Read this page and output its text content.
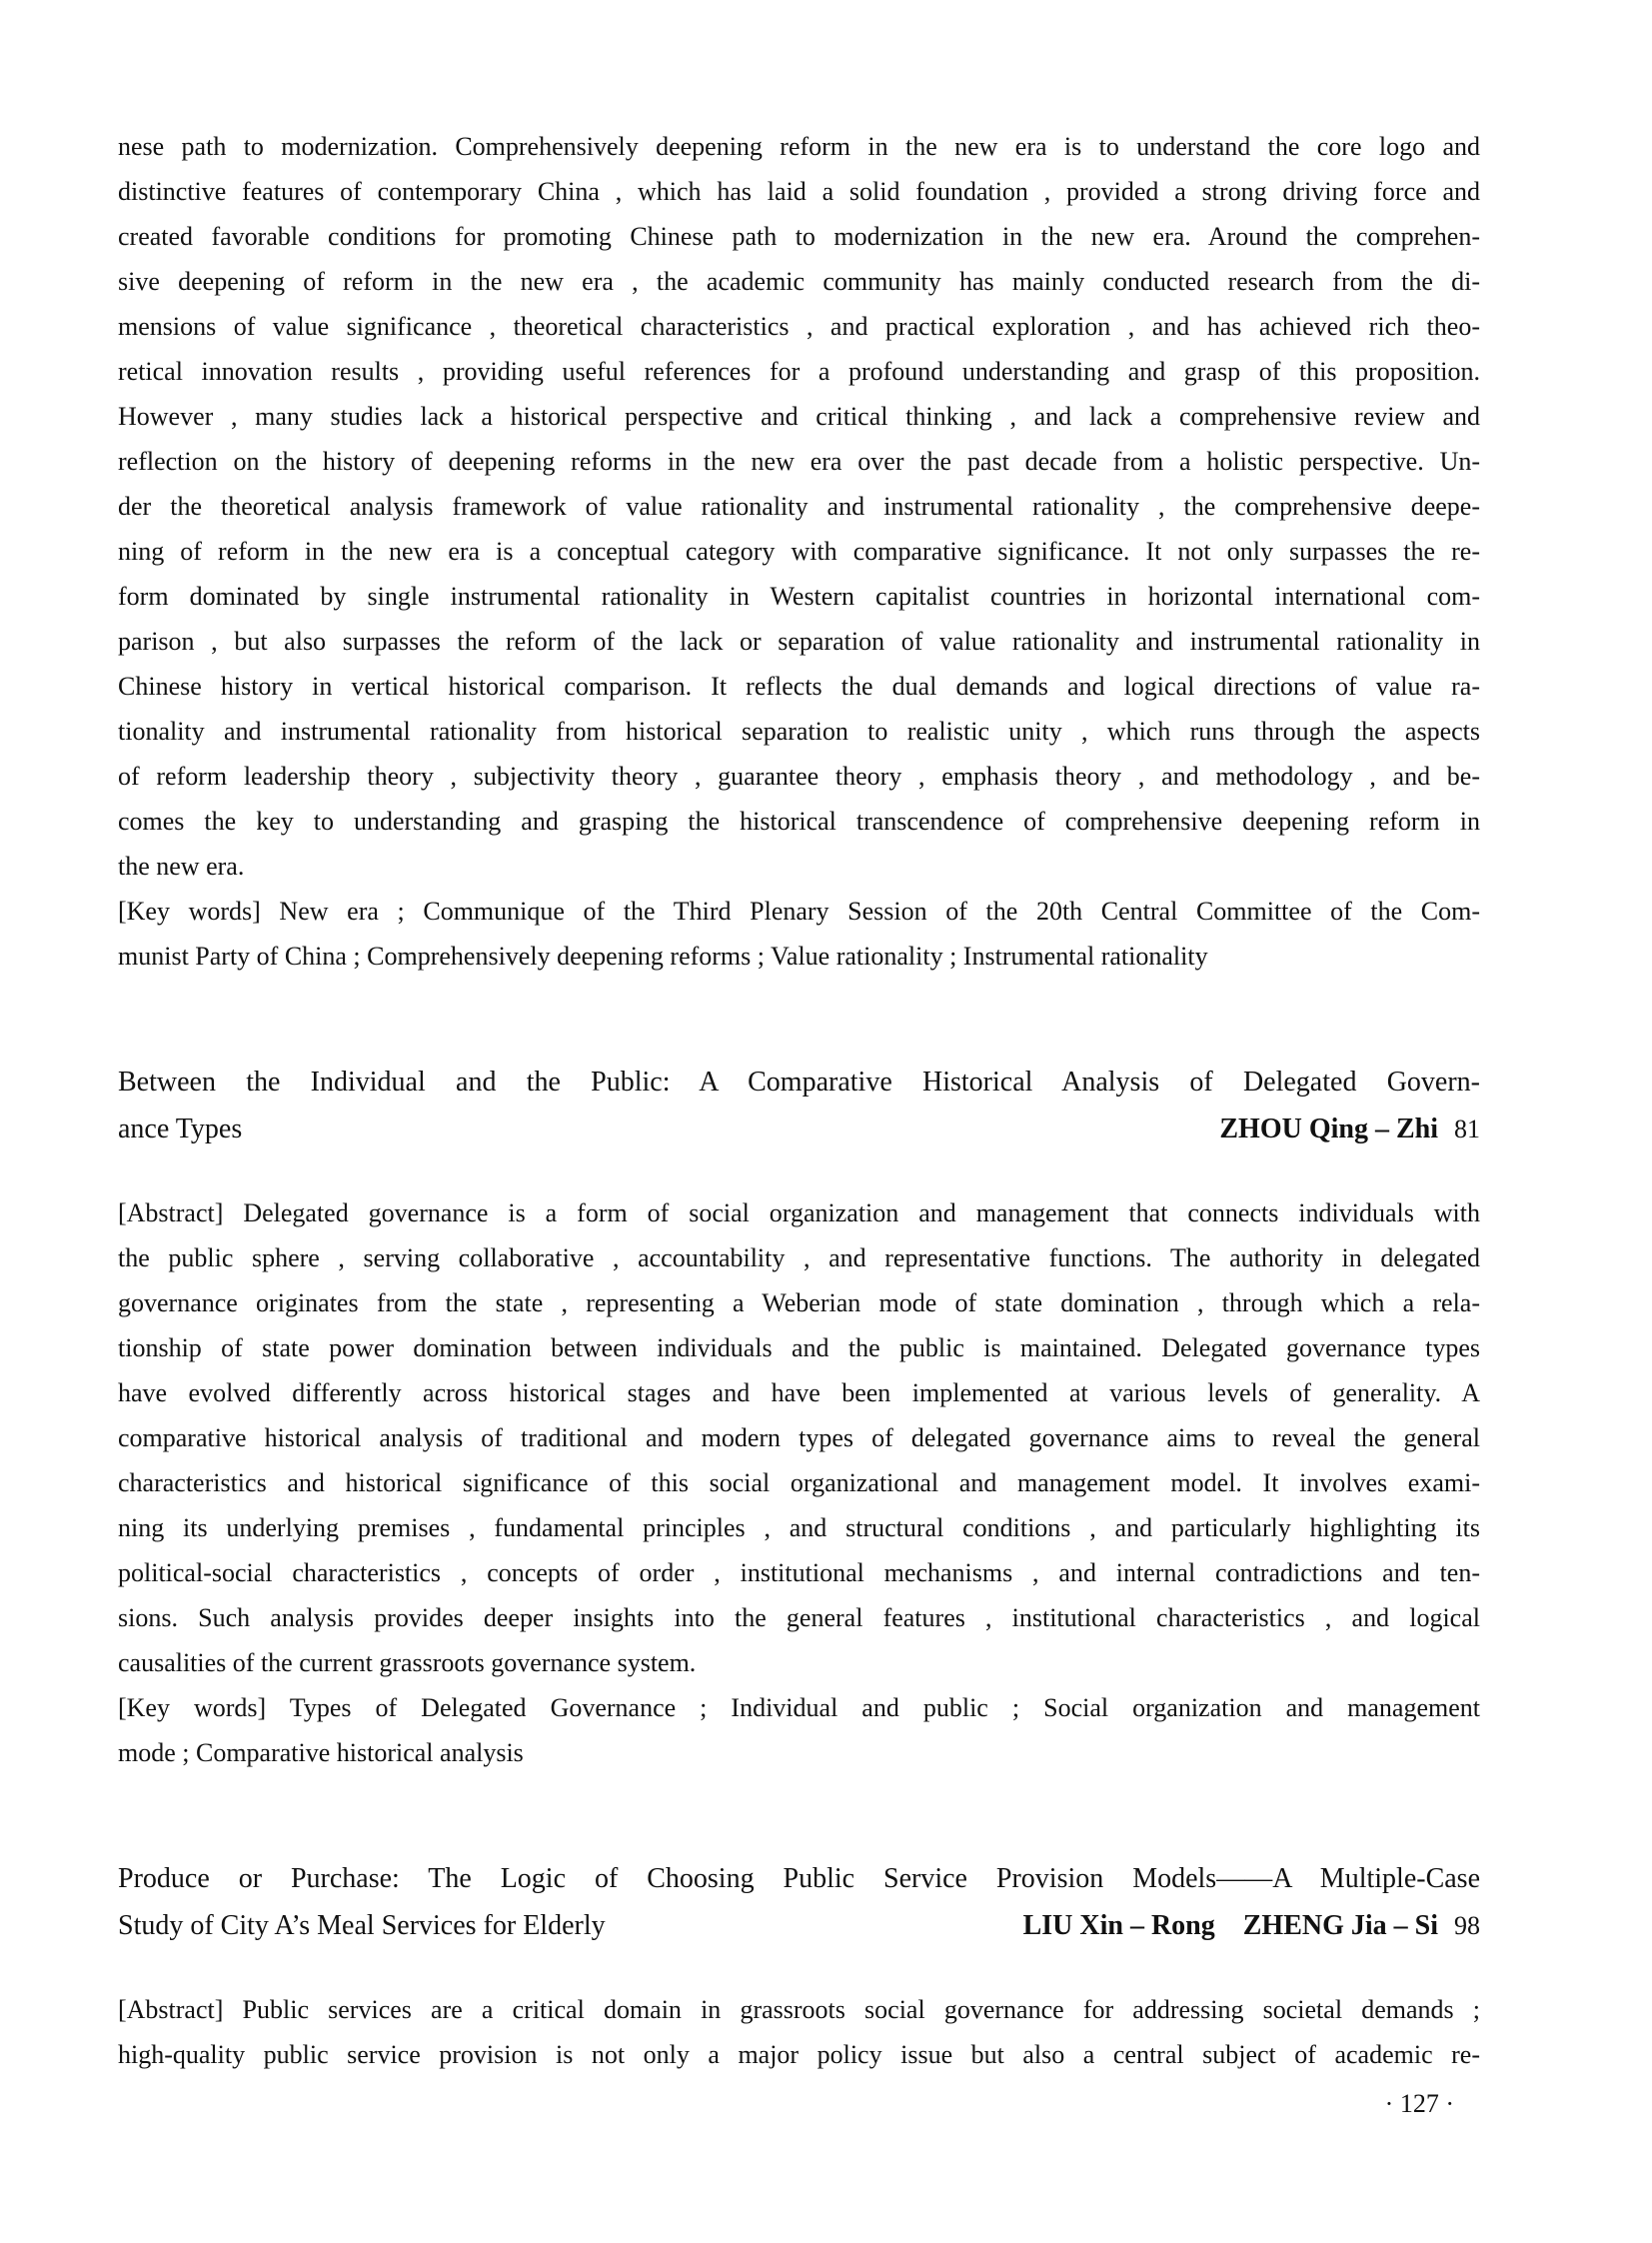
nese path to modernization. Comprehensively deepening reform in the new era is to understand the core logo and
distinctive features of contemporary China , which has laid a solid foundation , provided a strong driving force and
created favorable conditions for promoting Chinese path to modernization in the new era. Around the comprehen-
sive deepening of reform in the new era , the academic community has mainly conducted research from the di-
mensions of value significance , theoretical characteristics , and practical exploration , and has achieved rich theo-
retical innovation results , providing useful references for a profound understanding and grasp of this proposition.
However , many studies lack a historical perspective and critical thinking , and lack a comprehensive review and
reflection on the history of deepening reforms in the new era over the past decade from a holistic perspective. Un-
der the theoretical analysis framework of value rationality and instrumental rationality , the comprehensive deepe-
ning of reform in the new era is a conceptual category with comparative significance. It not only surpasses the re-
form dominated by single instrumental rationality in Western capitalist countries in horizontal international com-
parison , but also surpasses the reform of the lack or separation of value rationality and instrumental rationality in
Chinese history in vertical historical comparison. It reflects the dual demands and logical directions of value ra-
tionality and instrumental rationality from historical separation to realistic unity , which runs through the aspects
of reform leadership theory , subjectivity theory , guarantee theory , emphasis theory , and methodology , and be-
comes the key to understanding and grasping the historical transcendence of comprehensive deepening reform in
the new era.
[Key words] New era ; Communique of the Third Plenary Session of the 20th Central Committee of the Com-
munist Party of China ; Comprehensively deepening reforms ; Value rationality ; Instrumental rationality
Between the Individual and the Public: A Comparative Historical Analysis of Delegated Govern-
ance Types	ZHOU Qing – Zhi 81
[Abstract] Delegated governance is a form of social organization and management that connects individuals with
the public sphere , serving collaborative , accountability , and representative functions. The authority in delegated
governance originates from the state , representing a Weberian mode of state domination , through which a rela-
tionship of state power domination between individuals and the public is maintained. Delegated governance types
have evolved differently across historical stages and have been implemented at various levels of generality. A
comparative historical analysis of traditional and modern types of delegated governance aims to reveal the general
characteristics and historical significance of this social organizational and management model. It involves exami-
ning its underlying premises , fundamental principles , and structural conditions , and particularly highlighting its
political-social characteristics , concepts of order , institutional mechanisms , and internal contradictions and ten-
sions. Such analysis provides deeper insights into the general features , institutional characteristics , and logical
causalities of the current grassroots governance system.
[Key words] Types of Delegated Governance ; Individual and public ; Social organization and management
mode ; Comparative historical analysis
Produce or Purchase: The Logic of Choosing Public Service Provision Models——A Multiple-Case
Study of City A’s Meal Services for Elderly	LIU Xin – Rong ZHENG Jia – Si 98
[Abstract] Public services are a critical domain in grassroots social governance for addressing societal demands ;
high-quality public service provision is not only a major policy issue but also a central subject of academic re-
· 127 ·
